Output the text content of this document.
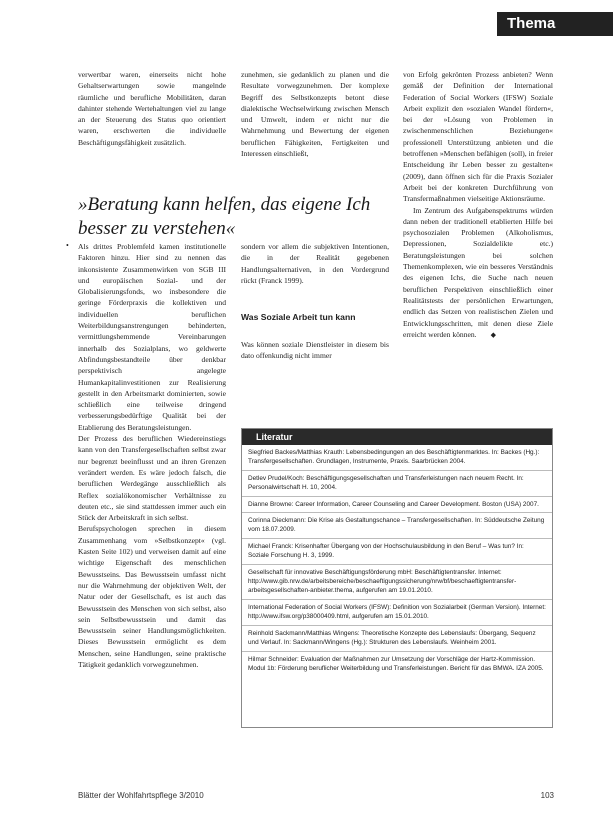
Thema

verwertbar waren, einerseits nicht hohe Gehaltserwartungen sowie mangelnde räumliche und berufliche Mobilitäten, daran dahinter stehende Wertehaltungen viel zu lange an der Steuerung des Status quo orientiert waren, erschwerten die individuelle Beschäftigungsfähigkeit zusätzlich.

»Beratung kann helfen, das eigene Ich besser zu verstehen«
• Als drittes Problemfeld kamen institutionelle Faktoren hinzu. Hier sind zu nennen das inkonsistente Zusammenwirken von SGB III und europäischen Sozial- und der Globalisierungsfonds, wo insbesondere die geringe Förderpraxis die kollektiven und individuellen beruflichen Weiterbildungsanstrengungen behinderten, vermittlungshemmende Vereinbarungen innerhalb des Sozialplans, wo geldwerte Abfindungsbestandteile über denkbar perspektivisch angelegte Humankapitalinvestitionen zur Realisierung gestellt in den Arbeitsmarkt dominierten, sowie schließlich eine teilweise dringend verbesserungsbedürftige Qualität bei der Etablierung des Beratungsleistungen.

Der Prozess des beruflichen Wiedereinstiegs kann von den Transfergesellschaften selbst zwar nur begrenzt beeinflusst und an ihren Grenzen verändert werden. Es wäre jedoch falsch, die beruflichen Werdegänge ausschließlich als Reflex sozialökonomischer Verhältnisse zu deuten etc., sie sind stattdessen immer auch ein Stück der Arbeitskraft in sich selbst.

Berufspsychologen sprechen in diesem Zusammenhang vom »Selbstkonzept« (vgl. Kasten Seite 102) und verweisen damit auf eine wichtige Eigenschaft des menschlichen Bewusstseins. Das Bewusstsein umfasst nicht nur die Wahrnehmung der objektiven Welt, der Natur oder der Gesellschaft, es ist auch das Bewusstsein des Menschen von sich selbst, also sein Selbstbewusstsein und damit das Bewusstsein seiner Handlungsmöglichkeiten. Dieses Bewusstsein ermöglicht es dem Menschen, seine Handlungen, seine praktische Tätigkeit gedanklich vorwegzunehmen.

zunehmen, sie gedanklich zu planen und die Resultate vorwegzunehmen. Der komplexe Begriff des Selbstkonzepts betont diese dialektische Wechselwirkung zwischen Mensch und Umwelt, indem er nicht nur die Wahrnehmung und Bewertung der eigenen beruflichen Fähigkeiten, Fertigkeiten und Interessen einschließt,

sondern vor allem die subjektiven Intentionen, die in der Realität gegebenen Handlungsalternativen, in den Vordergrund rückt (Franck 1999).

Was Soziale Arbeit tun kann

Was können soziale Dienstleister in diesem bis dato offenkundig nicht immer

von Erfolg gekrönten Prozess anbieten? Wenn gemäß der Definition der International Federation of Social Workers (IFSW) Soziale Arbeit explizit den »sozialen Wandel fördern«, bei der »Lösung von Problemen in zwischenmenschlichen Beziehungen« professionell Unterstützung anbieten und die betroffenen »Menschen befähigen (soll), in freier Entscheidung ihr Leben besser zu gestalten« (2009), dann öffnen sich für die Praxis Sozialer Arbeit bei der konkreten Durchführung von Transfermaßnahmen vielseitige Aktionsräume.

Im Zentrum des Aufgabenspektrums würden dann neben der traditionell etablierten Hilfe bei psychosozialen Problemen (Alkoholismus, Depressionen, Sozialdelikte etc.) Beratungsleistungen bei solchen Themenkomplexen, wie ein besseres Verständnis des eigenen Ichs, die Suche nach neuen beruflichen Perspektiven einschließlich einer Realitätstests der persönlichen Erwartungen, endlich das Setzen von realistischen Zielen und Entwicklungsschritten, mit denen diese Ziele erreicht werden können. ◆

Literatur
Siegfried Backes/Matthias Krauth: Lebensbedingungen an des Beschäftigtenmarktes. In: Backes (Hg.): Transfergesellschaften. Grundlagen, Instrumente, Praxis. Saarbrücken 2004.
Detlev Prudel/Koch: Beschäftigungsgesellschaften und Transferleistungen nach neuem Recht. In: Personalwirtschaft H. 10, 2004.
Dianne Browne: Career Information, Career Counseling and Career Development. Boston (USA) 2007.
Corinna Dieckmann: Die Krise als Gestaltungschance – Transfergesellschaften. In: Süddeutsche Zeitung vom 18.07.2009.
Michael Franck: Krisenhafter Übergang von der Hochschulausbildung in den Beruf – Was tun? In: Soziale Forschung H. 3, 1999.
Gesellschaft für innovative Beschäftigungsförderung mbH: Beschäftigtentransfer. Internet: http://www.gib.nrw.de/arbeitsbereiche/beschaeftigungssicherung/nrw/bf/beschaeftigtentransfer-arbeitsgesellschaften-anbieter.thema, aufgerufen am 19.01.2010.
International Federation of Social Workers (IFSW): Definition von Sozialarbeit (German Version). Internet: http://www.ifsw.org/p38000409.html, aufgerufen am 15.01.2010.
Reinhold Sackmann/Matthias Wingens: Theoretische Konzepte des Lebenslaufs: Übergang, Sequenz und Verlauf. In: Sackmann/Wingens (Hg.): Strukturen des Lebenslaufs. Weinheim 2001.
Hilmar Schneider: Evaluation der Maßnahmen zur Umsetzung der Vorschläge der Hartz-Kommission. Modul 1b: Förderung beruflicher Weiterbildung und Transferleistungen. Bericht für das BMWA. IZA 2005.
Blätter der Wohlfahrtspflege 3/2010	103
